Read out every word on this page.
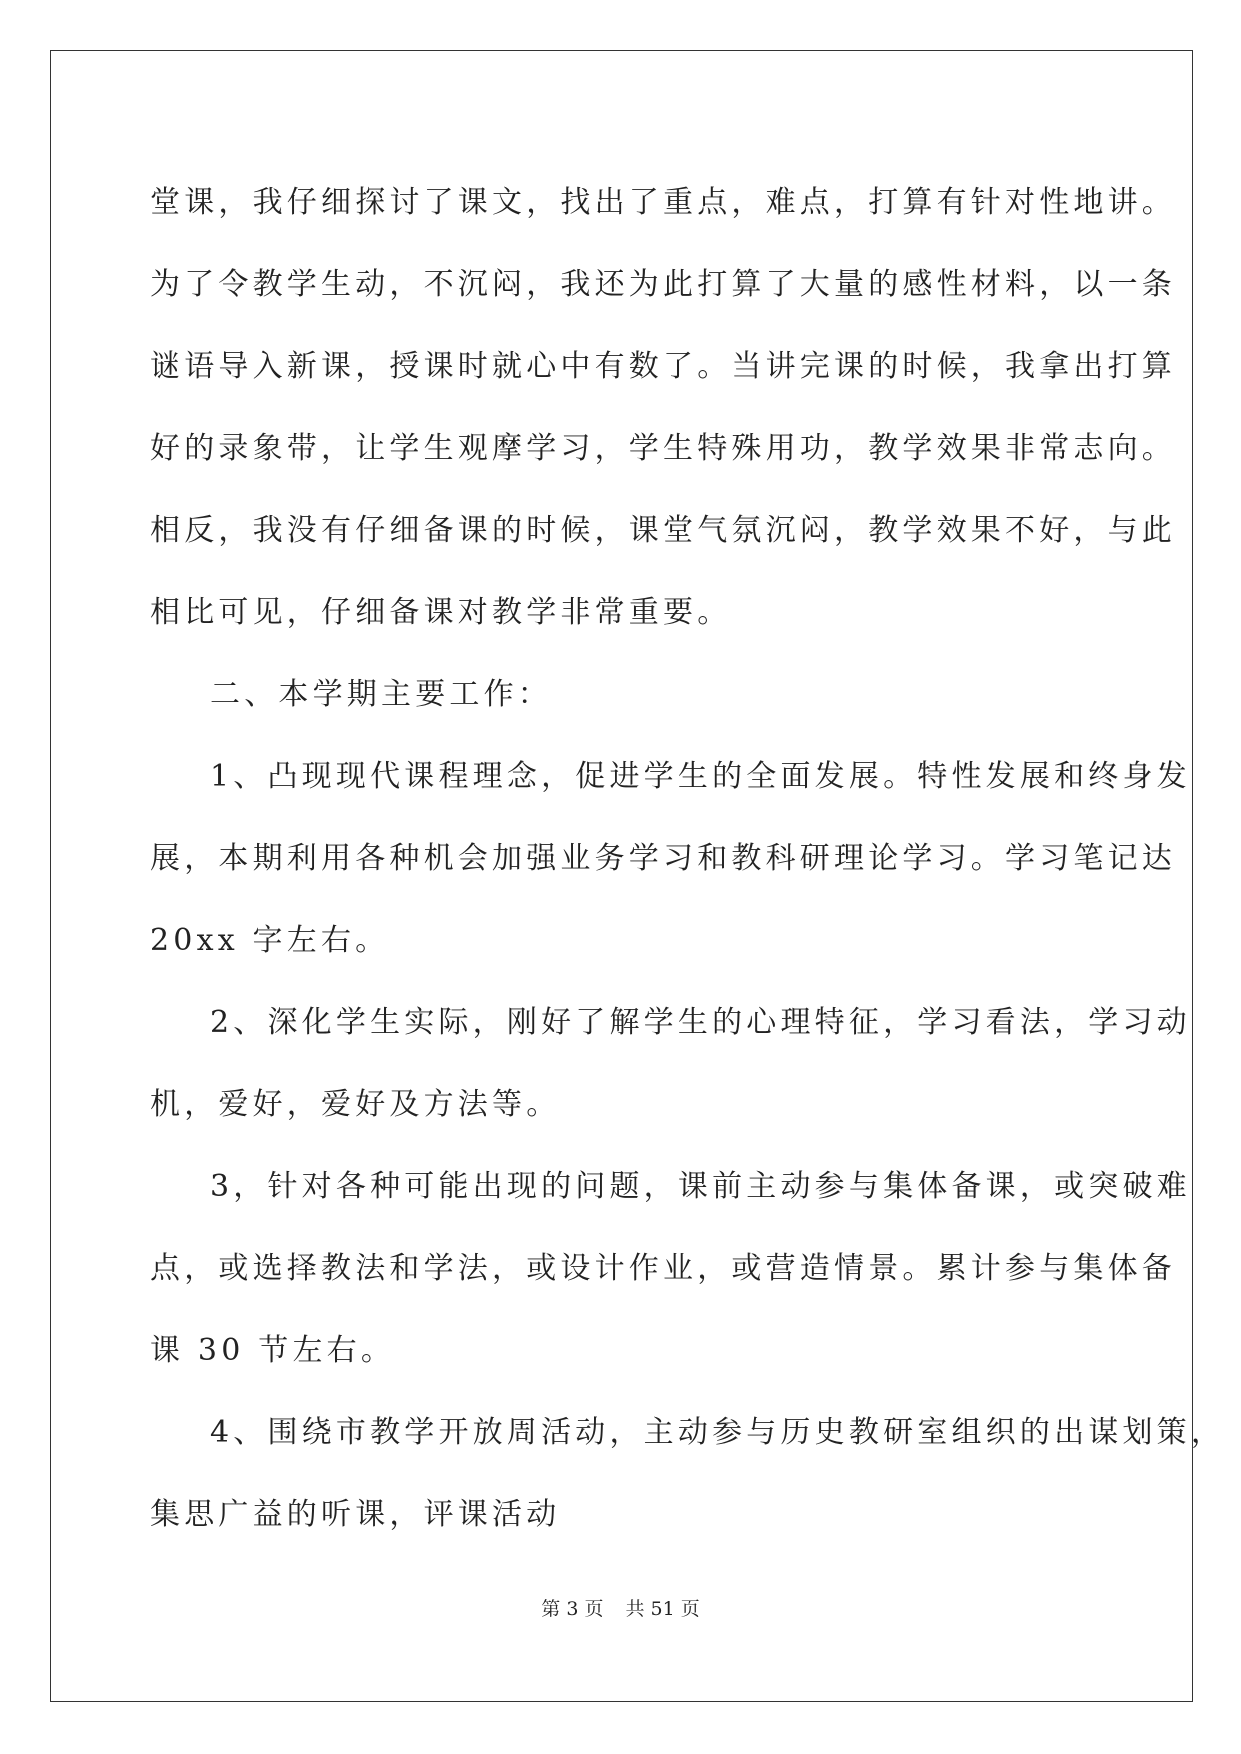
堂课，我仔细探讨了课文，找出了重点，难点，打算有针对性地讲。
为了令教学生动，不沉闷，我还为此打算了大量的感性材料，以一条
谜语导入新课，授课时就心中有数了。当讲完课的时候，我拿出打算
好的录象带，让学生观摩学习，学生特殊用功，教学效果非常志向。
相反，我没有仔细备课的时候，课堂气氛沉闷，教学效果不好，与此
相比可见，仔细备课对教学非常重要。
二、本学期主要工作：
1、凸现现代课程理念，促进学生的全面发展。特性发展和终身发
展，本期利用各种机会加强业务学习和教科研理论学习。学习笔记达
20xx 字左右。
2、深化学生实际，刚好了解学生的心理特征，学习看法，学习动
机，爱好，爱好及方法等。
3，针对各种可能出现的问题，课前主动参与集体备课，或突破难
点，或选择教法和学法，或设计作业，或营造情景。累计参与集体备
课 30 节左右。
4、围绕市教学开放周活动，主动参与历史教研室组织的出谋划策，
集思广益的听课，评课活动
第 3 页 共 51 页
